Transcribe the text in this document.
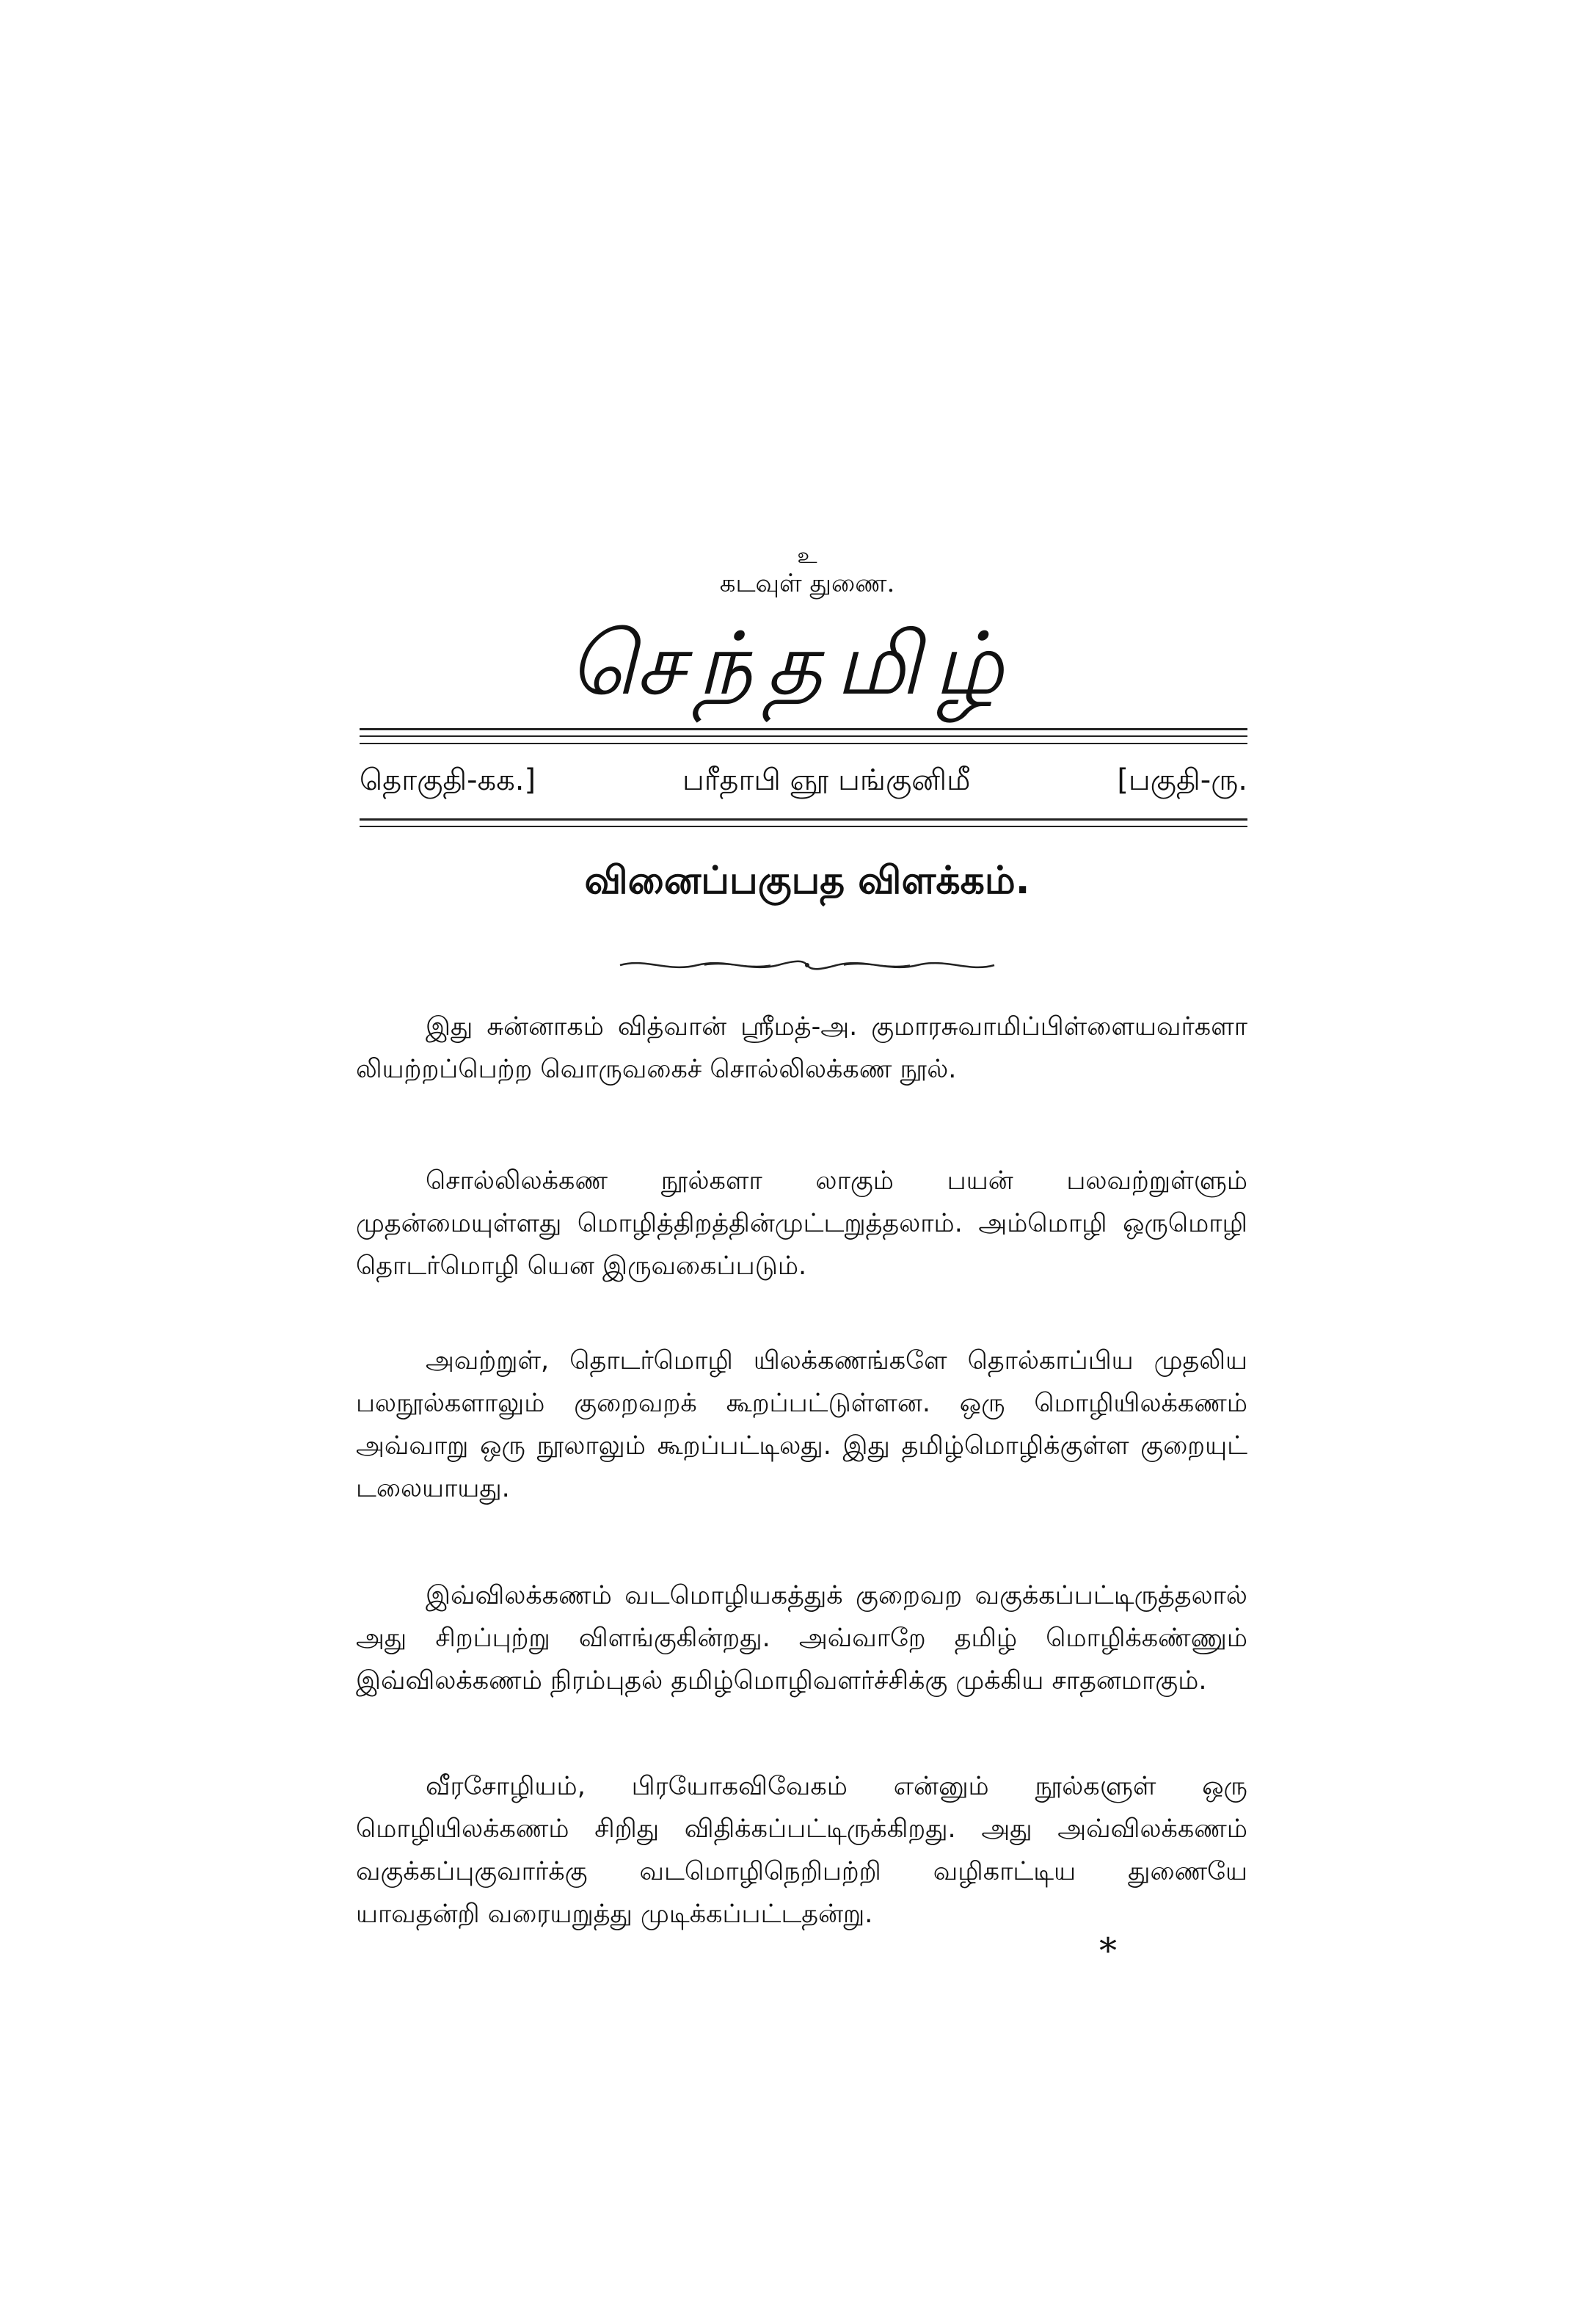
உ
கடவுள் துணை.
செந்தமிழ்
தொகுதி-கக.]	பரீதாபி ஞூ பங்குனிமீ	[பகுதி-ரு.
வினைப்பகுபத விளக்கம்.
இது சுன்னாகம் வித்வான் ஸ்ரீமத்-அ. குமாரசுவாமிப்பிள்ளையவர்களா லியற்றப்பெற்ற வொருவகைச் சொல்லிலக்கண நூல்.
சொல்லிலக்கண நூல்களா லாகும் பயன் பலவற்றுள்ளும் முதன்மையுள்ளது மொழித்திறத்தின்முட்டறுத்தலாம். அம்மொழி ஒருமொழி தொடர்மொழி யென இருவகைப்படும்.
அவற்றுள், தொடர்மொழி யிலக்கணங்களே தொல்காப்பிய முதலிய பலநூல்களாலும் குறைவறக் கூறப்பட்டுள்ளன. ஒரு மொழியிலக்கணம் அவ்வாறு ஒரு நூலாலும் கூறப்பட்டிலது. இது தமிழ்மொழிக்குள்ள குறையுட் டலையாயது.
இவ்விலக்கணம் வடமொழியகத்துக் குறைவற வகுக்கப்பட்டிருத்தலால் அது சிறப்புற்று விளங்குகின்றது. அவ்வாறே தமிழ் மொழிக்கண்ணும் இவ்விலக்கணம் நிரம்புதல் தமிழ்மொழிவளர்ச்சிக்கு முக்கிய சாதனமாகும்.
வீரசோழியம், பிரயோகவிவேகம் என்னும் நூல்களுள் ஒரு மொழியிலக்கணம் சிறிது விதிக்கப்பட்டிருக்கிறது. அது அவ்விலக்கணம் வகுக்கப்புகுவார்க்கு வடமொழிநெறிபற்றி வழிகாட்டிய துணையே யாவதன்றி வரையறுத்து முடிக்கப்பட்டதன்று.
*
